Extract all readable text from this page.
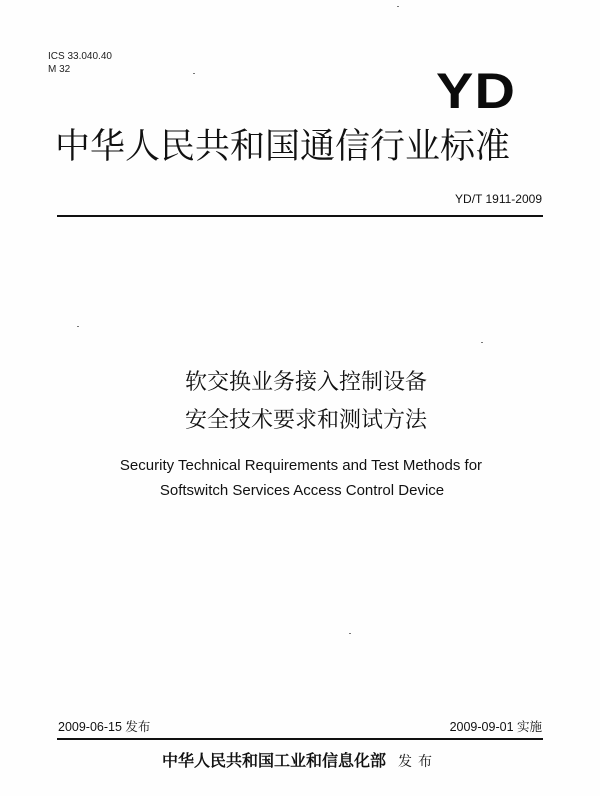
ICS 33.040.40
M 32	YD
中华人民共和国通信行业标准
YD/T 1911-2009
软交换业务接入控制设备
安全技术要求和测试方法
Security Technical Requirements and Test Methods for
Softswitch Services Access Control Device
2009-06-15 发布	2009-09-01 实施
中华人民共和国工业和信息化部 发布
